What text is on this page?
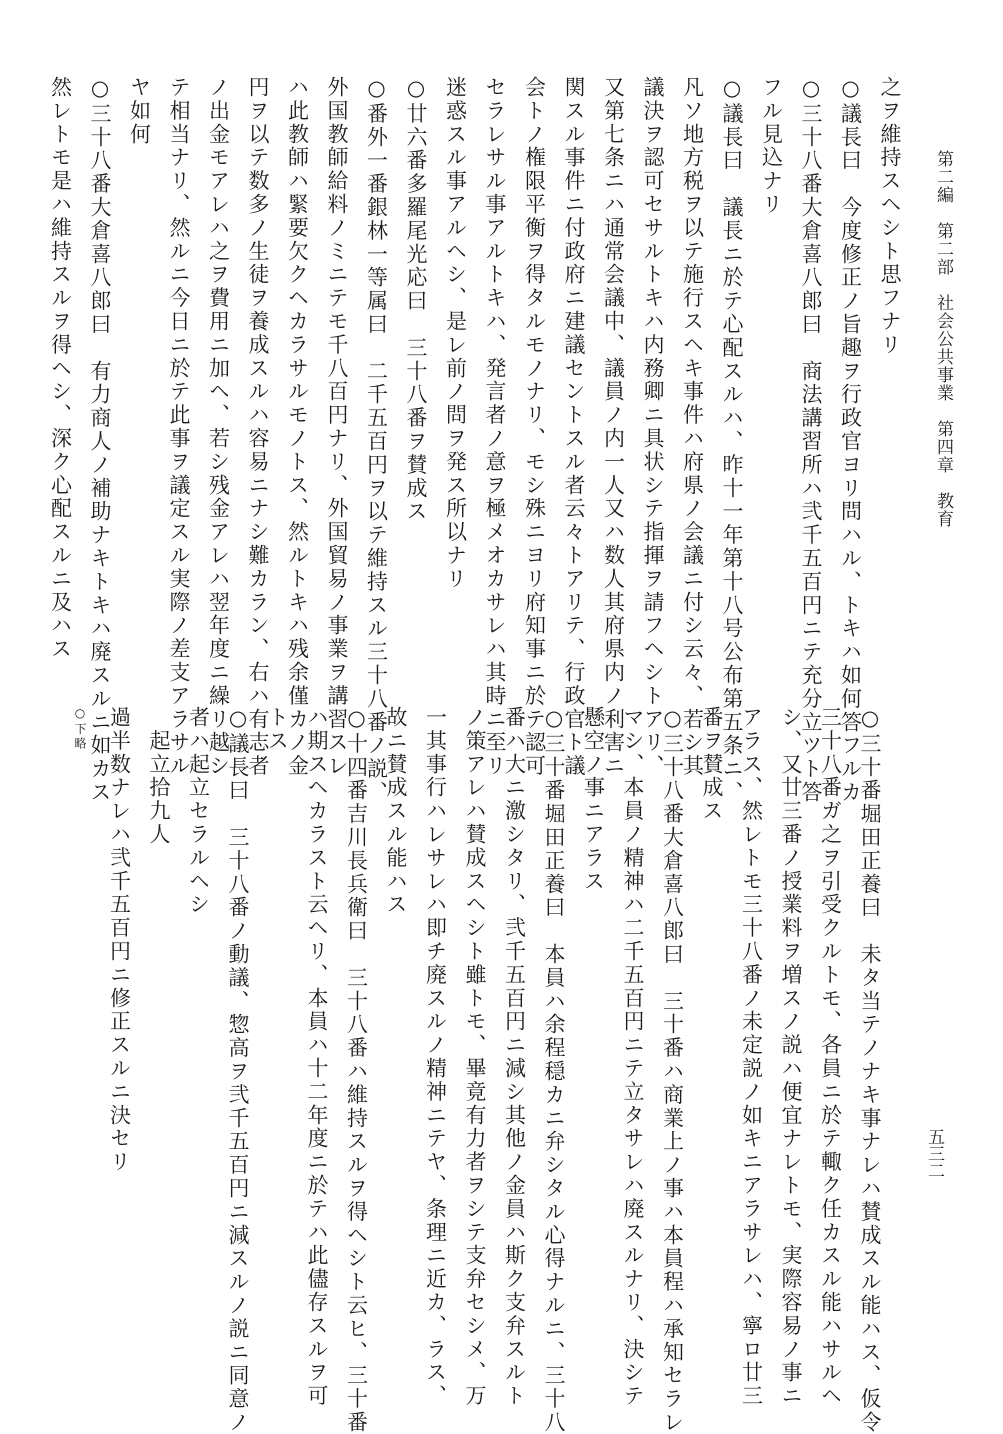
第二編　第二部　社会公共事業　第四章　教育
五三二
之ヲ維持スヘシト思フナリ
○議長曰　今度修正ノ旨趣ヲ行政官ヨリ問ハル、トキハ如何答フルカ
○三十八番大倉喜八郎曰　商法講習所ハ弐千五百円ニテ充分立ツト答
フル見込ナリ
○議長曰　議長ニ於テ心配スルハ、昨十一年第十八号公布第五条ニ、
凡ソ地方税ヲ以テ施行スヘキ事件ハ府県ノ会議ニ付シ云々、若シ其
議決ヲ認可セサルトキハ内務卿ニ具状シテ指揮ヲ請フヘシトアリ、
又第七条ニハ通常会議中、議員ノ内一人又ハ数人其府県内ノ利害ニ
関スル事件ニ付政府ニ建議セントスル者云々トアリテ、行政官ト議
会トノ権限平衡ヲ得タルモノナリ、モシ殊ニヨリ府知事ニ於テ認可
セラレサル事アルトキハ、発言者ノ意ヲ極メオカサレハ其時ニ至リ
迷惑スル事アルヘシ、是レ前ノ問ヲ発ス所以ナリ
○廿六番多羅尾光応曰　三十八番ヲ賛成ス
○番外一番銀林一等属曰　二千五百円ヲ以テ維持スル三十八番ノ説、
外国教師給料ノミニテモ千八百円ナリ、外国貿易ノ事業ヲ講習スレ
ハ此教師ハ緊要欠クヘカラサルモノトス、然ルトキハ残余僅カノ金
円ヲ以テ数多ノ生徒ヲ養成スルハ容易ニナシ難カラン、右ハ有志者
ノ出金モアレハ之ヲ費用ニ加ヘ、若シ残金アレハ翌年度ニ繰リ越シ
テ相当ナリ、然ルニ今日ニ於テ此事ヲ議定スル実際ノ差支アラサル
ヤ如何
○三十八番大倉喜八郎曰　有力商人ノ補助ナキトキハ廃スルニ如カス
然レトモ是ハ維持スルヲ得ヘシ、深ク心配スルニ及ハス
○三十番堀田正養曰　未タ当テノナキ事ナレハ賛成スル能ハス、仮令
三十八番ガ之ヲ引受クルトモ、各員ニ於テ輙ク任カスル能ハサルヘ
シ、又廿三番ノ授業料ヲ増スノ説ハ便宜ナレトモ、実際容易ノ事ニ
アラス、然レトモ三十八番ノ未定説ノ如キニアラサレハ、寧ロ廿三
番ヲ賛成ス
○三十八番大倉喜八郎曰　三十番ハ商業上ノ事ハ本員程ハ承知セラレ
マシ、本員ノ精神ハ二千五百円ニテ立タサレハ廃スルナリ、決シテ
懸空ノ事ニアラス
○三十番堀田正養曰　本員ハ余程穏カニ弁シタル心得ナルニ、三十八
番ハ大ニ激シタリ、弐千五百円ニ減シ其他ノ金員ハ斯ク支弁スルト
ノ策アレハ賛成スヘシト雖トモ、畢竟有力者ヲシテ支弁セシメ、万
一其事行ハレサレハ即チ廃スルノ精神ニテヤ、条理ニ近カ、ラス、
故ニ賛成スル能ハス
○十四番吉川長兵衛曰　三十八番ハ維持スルヲ得ヘシト云ヒ、三十番
ハ期スヘカラスト云ヘリ、本員ハ十二年度ニ於テハ此儘存スルヲ可
トス
○議長曰　三十八番ノ動議、惣高ヲ弐千五百円ニ減スルノ説ニ同意ノ
者ハ起立セラルヘシ
　起立拾九人
過半数ナレハ弐千五百円ニ修正スルニ決セリ
○下略
